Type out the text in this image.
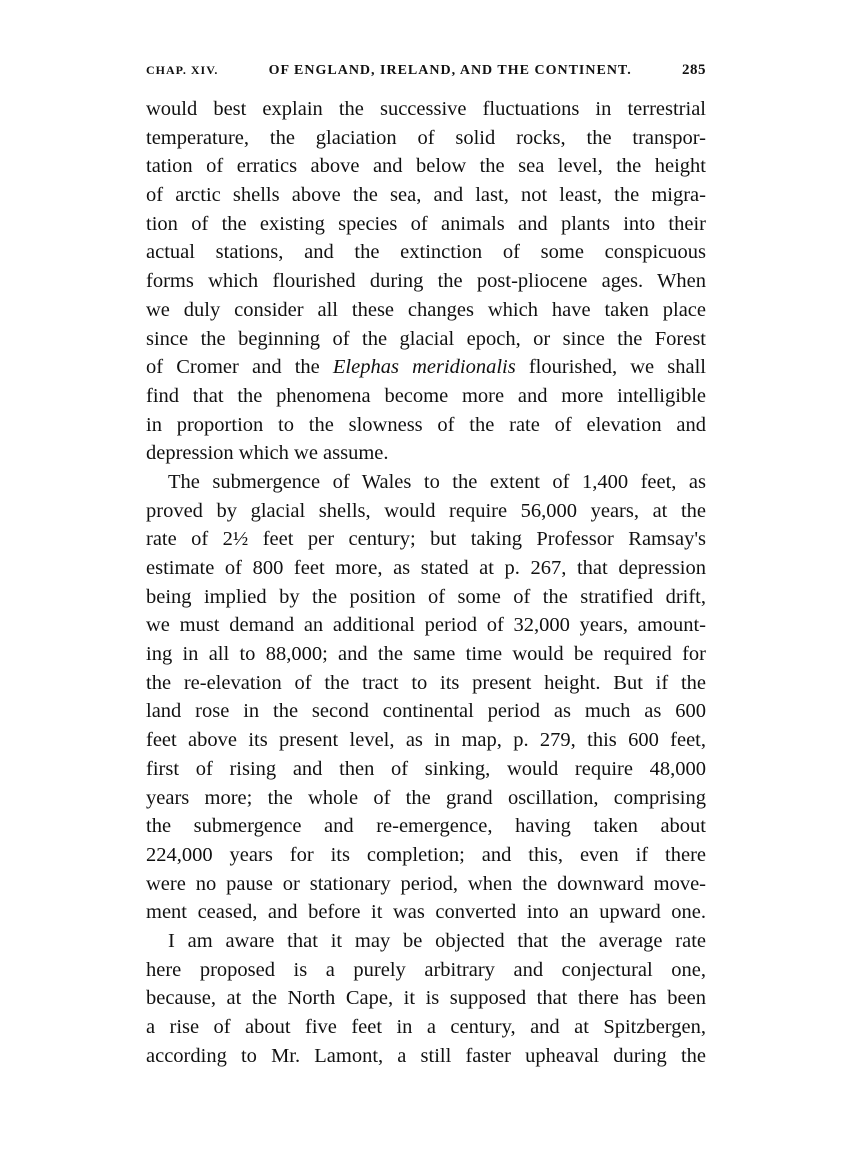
CHAP. XIV.	OF ENGLAND, IRELAND, AND THE CONTINENT.	285
would best explain the successive fluctuations in terrestrial
temperature, the glaciation of solid rocks, the transpor-
tation of erratics above and below the sea level, the height
of arctic shells above the sea, and last, not least, the migra-
tion of the existing species of animals and plants into their
actual stations, and the extinction of some conspicuous
forms which flourished during the post-pliocene ages. When
we duly consider all these changes which have taken place
since the beginning of the glacial epoch, or since the Forest
of Cromer and the Elephas meridionalis flourished, we shall
find that the phenomena become more and more intelligible
in proportion to the slowness of the rate of elevation and
depression which we assume.
The submergence of Wales to the extent of 1,400 feet, as
proved by glacial shells, would require 56,000 years, at the
rate of 2½ feet per century; but taking Professor Ramsay's
estimate of 800 feet more, as stated at p. 267, that depression
being implied by the position of some of the stratified drift,
we must demand an additional period of 32,000 years, amount-
ing in all to 88,000; and the same time would be required for
the re-elevation of the tract to its present height. But if the
land rose in the second continental period as much as 600
feet above its present level, as in map, p. 279, this 600 feet,
first of rising and then of sinking, would require 48,000
years more; the whole of the grand oscillation, comprising
the submergence and re-emergence, having taken about
224,000 years for its completion; and this, even if there
were no pause or stationary period, when the downward move-
ment ceased, and before it was converted into an upward one.
I am aware that it may be objected that the average rate
here proposed is a purely arbitrary and conjectural one,
because, at the North Cape, it is supposed that there has been
a rise of about five feet in a century, and at Spitzbergen,
according to Mr. Lamont, a still faster upheaval during the
